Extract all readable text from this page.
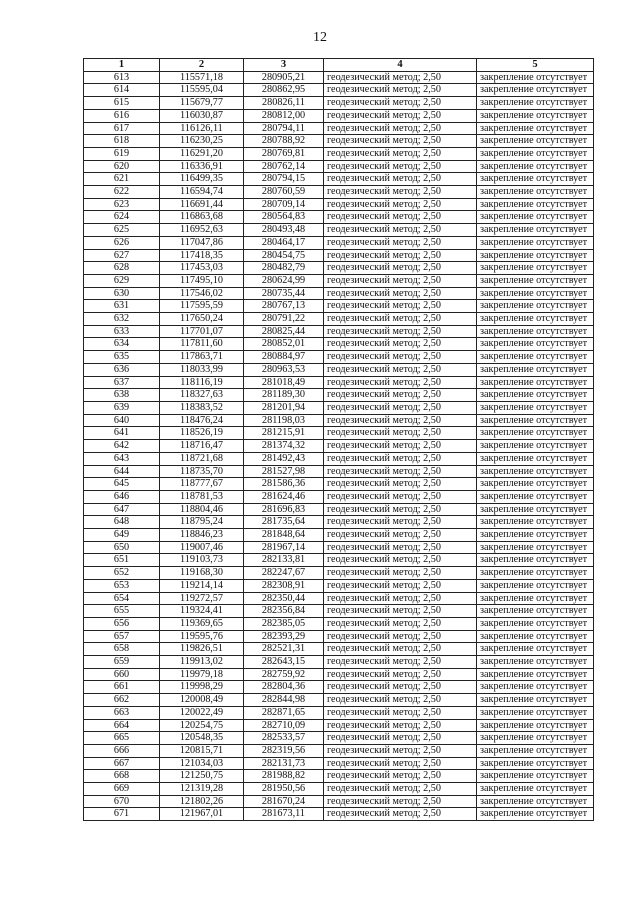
12
1	2	3	4	5
613	115571,18	280905,21	геодезический метод; 2,50	закрепление отсутствует
614	115595,04	280862,95	геодезический метод; 2,50	закрепление отсутствует
615	115679,77	280826,11	геодезический метод; 2,50	закрепление отсутствует
616	116030,87	280812,00	геодезический метод; 2,50	закрепление отсутствует
617	116126,11	280794,11	геодезический метод; 2,50	закрепление отсутствует
618	116230,25	280788,92	геодезический метод; 2,50	закрепление отсутствует
619	116291,20	280769,81	геодезический метод; 2,50	закрепление отсутствует
620	116336,91	280762,14	геодезический метод; 2,50	закрепление отсутствует
621	116499,35	280794,15	геодезический метод; 2,50	закрепление отсутствует
622	116594,74	280760,59	геодезический метод; 2,50	закрепление отсутствует
623	116691,44	280709,14	геодезический метод; 2,50	закрепление отсутствует
624	116863,68	280564,83	геодезический метод; 2,50	закрепление отсутствует
625	116952,63	280493,48	геодезический метод; 2,50	закрепление отсутствует
626	117047,86	280464,17	геодезический метод; 2,50	закрепление отсутствует
627	117418,35	280454,75	геодезический метод; 2,50	закрепление отсутствует
628	117453,03	280482,79	геодезический метод; 2,50	закрепление отсутствует
629	117495,10	280624,99	геодезический метод; 2,50	закрепление отсутствует
630	117546,02	280735,44	геодезический метод; 2,50	закрепление отсутствует
631	117595,59	280767,13	геодезический метод; 2,50	закрепление отсутствует
632	117650,24	280791,22	геодезический метод; 2,50	закрепление отсутствует
633	117701,07	280825,44	геодезический метод; 2,50	закрепление отсутствует
634	117811,60	280852,01	геодезический метод; 2,50	закрепление отсутствует
635	117863,71	280884,97	геодезический метод; 2,50	закрепление отсутствует
636	118033,99	280963,53	геодезический метод; 2,50	закрепление отсутствует
637	118116,19	281018,49	геодезический метод; 2,50	закрепление отсутствует
638	118327,63	281189,30	геодезический метод; 2,50	закрепление отсутствует
639	118383,52	281201,94	геодезический метод; 2,50	закрепление отсутствует
640	118476,24	281198,03	геодезический метод; 2,50	закрепление отсутствует
641	118526,19	281215,91	геодезический метод; 2,50	закрепление отсутствует
642	118716,47	281374,32	геодезический метод; 2,50	закрепление отсутствует
643	118721,68	281492,43	геодезический метод; 2,50	закрепление отсутствует
644	118735,70	281527,98	геодезический метод; 2,50	закрепление отсутствует
645	118777,67	281586,36	геодезический метод; 2,50	закрепление отсутствует
646	118781,53	281624,46	геодезический метод; 2,50	закрепление отсутствует
647	118804,46	281696,83	геодезический метод; 2,50	закрепление отсутствует
648	118795,24	281735,64	геодезический метод; 2,50	закрепление отсутствует
649	118846,23	281848,64	геодезический метод; 2,50	закрепление отсутствует
650	119007,46	281967,14	геодезический метод; 2,50	закрепление отсутствует
651	119103,73	282133,81	геодезический метод; 2,50	закрепление отсутствует
652	119168,30	282247,67	геодезический метод; 2,50	закрепление отсутствует
653	119214,14	282308,91	геодезический метод; 2,50	закрепление отсутствует
654	119272,57	282350,44	геодезический метод; 2,50	закрепление отсутствует
655	119324,41	282356,84	геодезический метод; 2,50	закрепление отсутствует
656	119369,65	282385,05	геодезический метод; 2,50	закрепление отсутствует
657	119595,76	282393,29	геодезический метод; 2,50	закрепление отсутствует
658	119826,51	282521,31	геодезический метод; 2,50	закрепление отсутствует
659	119913,02	282643,15	геодезический метод; 2,50	закрепление отсутствует
660	119979,18	282759,92	геодезический метод; 2,50	закрепление отсутствует
661	119998,29	282804,36	геодезический метод; 2,50	закрепление отсутствует
662	120008,49	282844,98	геодезический метод; 2,50	закрепление отсутствует
663	120022,49	282871,65	геодезический метод; 2,50	закрепление отсутствует
664	120254,75	282710,09	геодезический метод; 2,50	закрепление отсутствует
665	120548,35	282533,57	геодезический метод; 2,50	закрепление отсутствует
666	120815,71	282319,56	геодезический метод; 2,50	закрепление отсутствует
667	121034,03	282131,73	геодезический метод; 2,50	закрепление отсутствует
668	121250,75	281988,82	геодезический метод; 2,50	закрепление отсутствует
669	121319,28	281950,56	геодезический метод; 2,50	закрепление отсутствует
670	121802,26	281670,24	геодезический метод; 2,50	закрепление отсутствует
671	121967,01	281673,11	геодезический метод; 2,50	закрепление отсутствует
